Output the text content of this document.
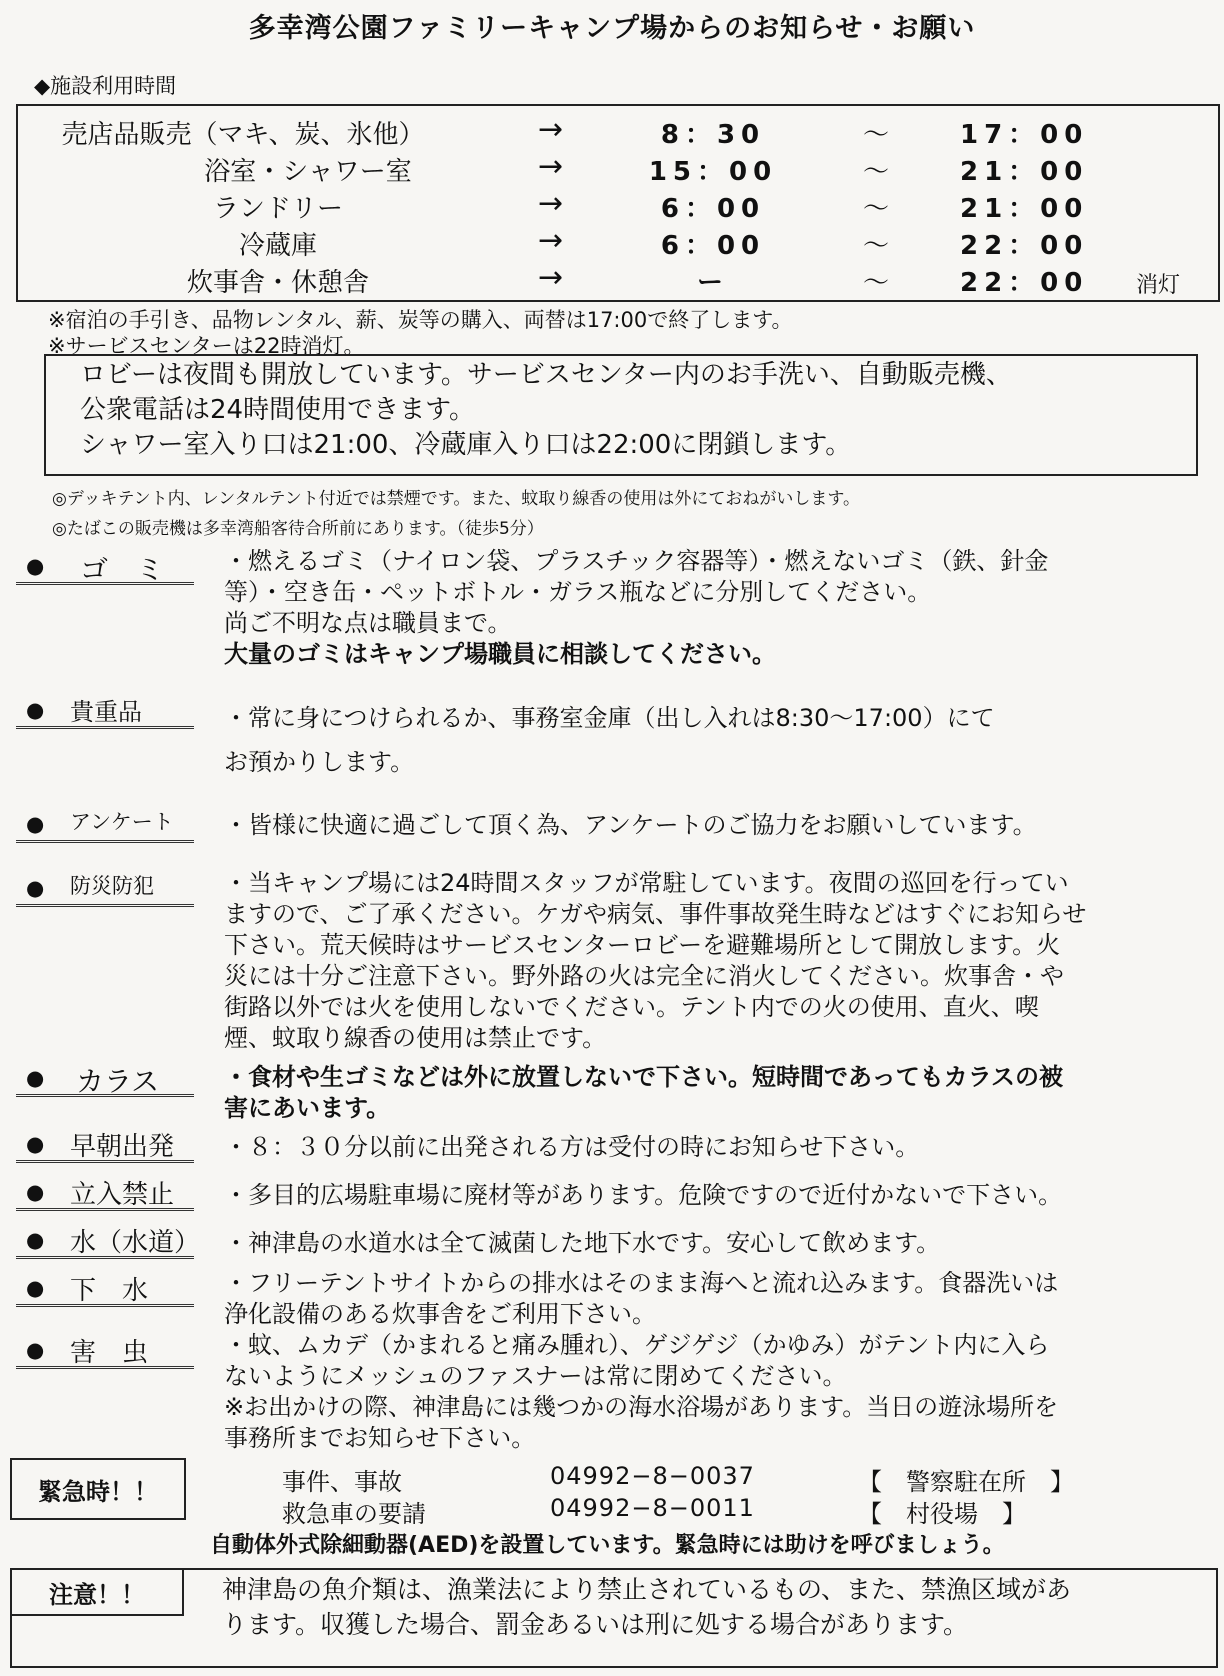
多幸湾公園ファミリーキャンプ場からのお知らせ・お願い
◆施設利用時間
売店品販売（マキ、炭、氷他）	→	8：30	〜	17：00
浴室・シャワー室	→	15：00	〜	21：00
ランドリー	→	6：00	〜	21：00
冷蔵庫	→	6：00	〜	22：00
炊事舎・休憩舎	→	ー	〜	22：00 消灯
※宿泊の手引き、品物レンタル、薪、炭等の購入、両替は17:00で終了します。
※サービスセンターは22時消灯。
ロビーは夜間も開放しています。サービスセンター内のお手洗い、自動販売機、
公衆電話は24時間使用できます。
シャワー室入り口は21:00、冷蔵庫入り口は22:00に閉鎖します。
◎デッキテント内、レンタルテント付近では禁煙です。また、蚊取り線香の使用は外にておねがいします。
◎たばこの販売機は多幸湾船客待合所前にあります。（徒歩5分）
● ゴ　ミ ・燃えるゴミ（ナイロン袋、プラスチック容器等）・燃えないゴミ（鉄、針金
等）・空き缶・ペットボトル・ガラス瓶などに分別してください。
尚ご不明な点は職員まで。
大量のゴミはキャンプ場職員に相談してください。
● 貴重品	・常に身につけられるか、事務室金庫（出し入れは8:30〜17:00）にて
お預かりします。
● アンケート ・皆様に快適に過ごして頂く為、アンケートのご協力をお願いしています。
● 防災防犯	・当キャンプ場には24時間スタッフが常駐しています。夜間の巡回を行ってい
ますので、ご了承ください。ケガや病気、事件事故発生時などはすぐにお知らせ
下さい。荒天候時はサービスセンターロビーを避難場所として開放します。火
災には十分ご注意下さい。野外路の火は完全に消火してください。炊事舎・や
街路以外では火を使用しないでください。テント内での火の使用、直火、喫
煙、蚊取り線香の使用は禁止です。
● カラス	・食材や生ゴミなどは外に放置しないで下さい。短時間であってもカラスの被
害にあいます。
● 早朝出発 ・８：３０分以前に出発される方は受付の時にお知らせ下さい。
● 立入禁止 ・多目的広場駐車場に廃材等があります。危険ですので近付かないで下さい。
● 水（水道） ・神津島の水道水は全て滅菌した地下水です。安心して飲めます。
● 下　水	・フリーテントサイトからの排水はそのまま海へと流れ込みます。食器洗いは
浄化設備のある炊事舎をご利用下さい。
● 害　虫	・蚊、ムカデ（かまれると痛み腫れ）、ゲジゲジ（かゆみ）がテント内に入ら
ないようにメッシュのファスナーは常に閉めてください。
※お出かけの際、神津島には幾つかの海水浴場があります。当日の遊泳場所を
事務所までお知らせ下さい。
緊急時！！	事件、事故	04992−8−0037	【　警察駐在所　】
救急車の要請	04992−8−0011	【　村役場　】
自動体外式除細動器(AED)を設置しています。緊急時には助けを呼びましょう。
注意！！	神津島の魚介類は、漁業法により禁止されているもの、また、禁漁区域があ
ります。収獲した場合、罰金あるいは刑に処する場合があります。
